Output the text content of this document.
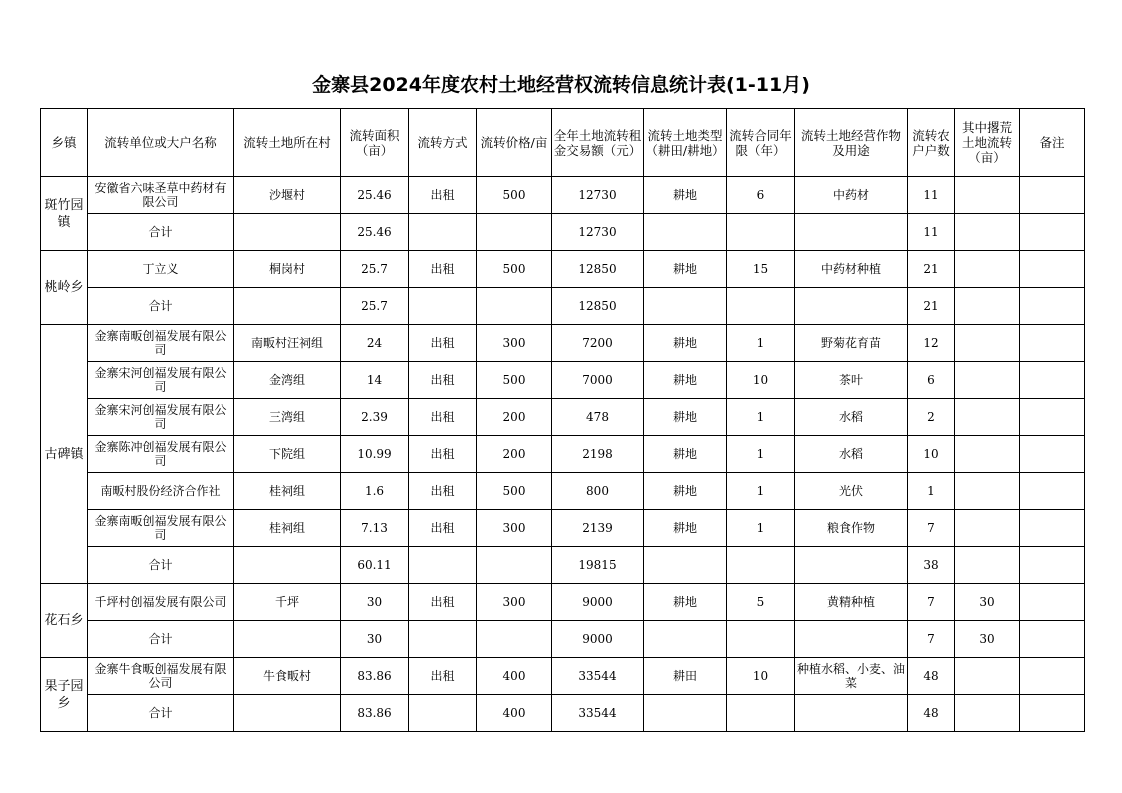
金寨县2024年度农村土地经营权流转信息统计表(1-11月)
乡镇	流转单位或大户名称	流转土地所在村	流转面积（亩）	流转方式	流转价格/亩	全年土地流转租金交易额（元）	流转土地类型（耕田/耕地）	流转合同年限（年）	流转土地经营作物及用途	流转农户户数	其中撂荒土地流转（亩）	备注
斑竹园镇	安徽省六味圣草中药材有限公司	沙堰村	25.46	出租	500	12730	耕地	6	中药材	11		
	合计		25.46			12730				11		
桃岭乡	丁立义	桐岗村	25.7	出租	500	12850	耕地	15	中药材种植	21		
	合计		25.7			12850				21		
古碑镇	金寨南畈创福发展有限公司	南畈村汪祠组	24	出租	300	7200	耕地	1	野菊花育苗	12		
	金寨宋河创福发展有限公司	金湾组	14	出租	500	7000	耕地	10	茶叶	6		
	金寨宋河创福发展有限公司	三湾组	2.39	出租	200	478	耕地	1	水稻	2		
	金寨陈冲创福发展有限公司	下院组	10.99	出租	200	2198	耕地	1	水稻	10		
	南畈村股份经济合作社	桂祠组	1.6	出租	500	800	耕地	1	光伏	1		
	金寨南畈创福发展有限公司	桂祠组	7.13	出租	300	2139	耕地	1	粮食作物	7		
	合计		60.11			19815				38		
花石乡	千坪村创福发展有限公司	千坪	30	出租	300	9000	耕地	5	黄精种植	7	30	
	合计		30			9000				7	30	
果子园乡	金寨牛食畈创福发展有限公司	牛食畈村	83.86	出租	400	33544	耕田	10	种植水稻、小麦、油菜	48		
	合计		83.86		400	33544				48		
